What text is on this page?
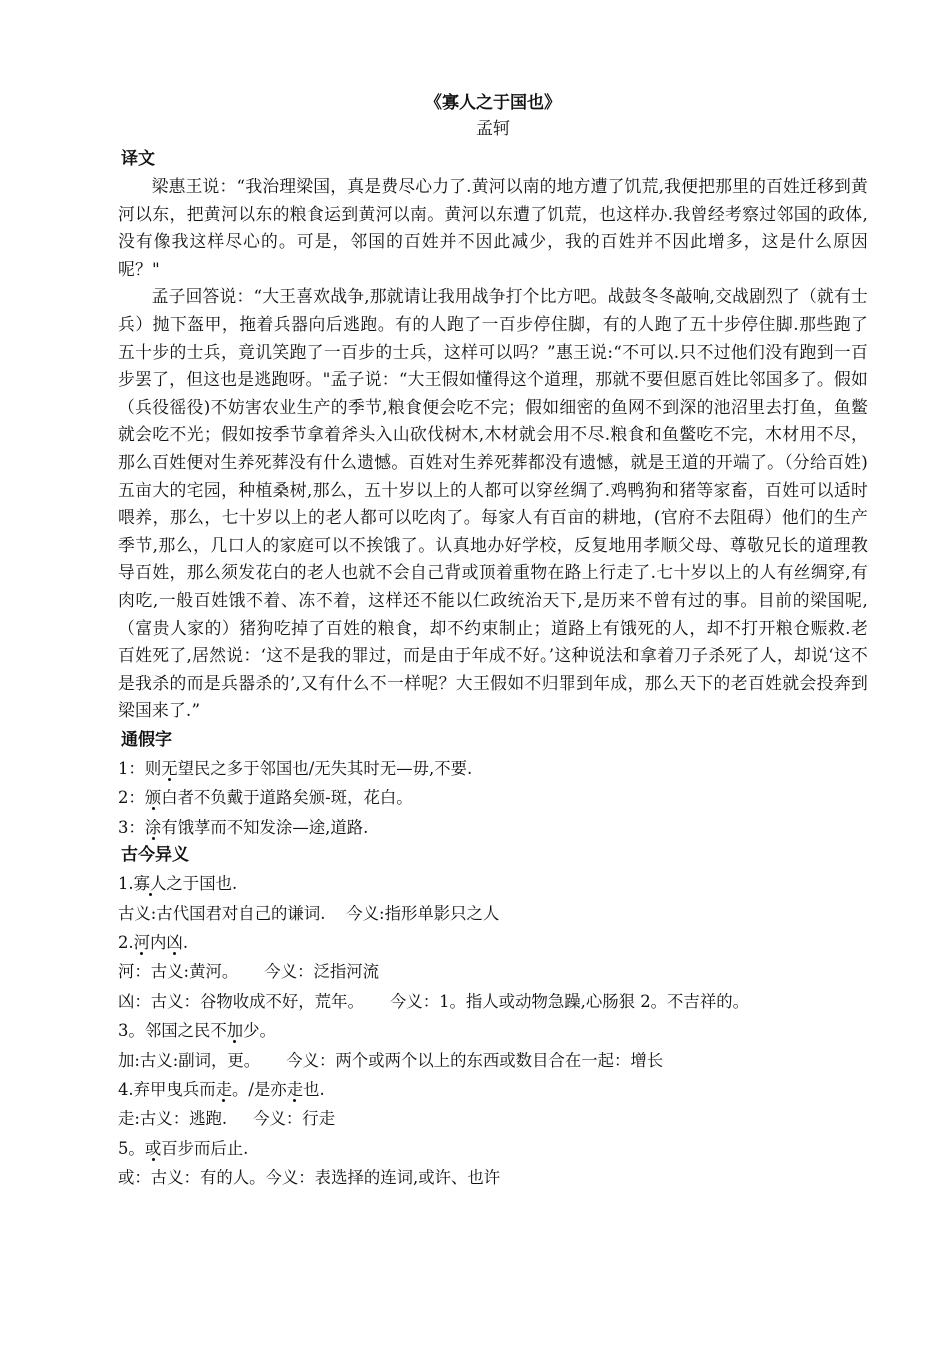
《寡人之于国也》
孟轲
译文

梁惠王说：“我治理梁国，真是费尽心力了.黄河以南的地方遭了饥荒,我便把那里的百姓迁移到黄河以东，把黄河以东的粮食运到黄河以南。黄河以东遭了饥荒，也这样办.我曾经考察过邻国的政体,没有像我这样尽心的。可是，邻国的百姓并不因此减少，我的百姓并不因此增多，这是什么原因呢？"

孟子回答说：“大王喜欢战争,那就请让我用战争打个比方吧。战鼓冬冬敲响,交战剧烈了（就有士兵）抛下盔甲，拖着兵器向后逃跑。有的人跑了一百步停住脚，有的人跑了五十步停住脚.那些跑了五十步的士兵，竟讥笑跑了一百步的士兵，这样可以吗？”惠王说:“不可以.只不过他们没有跑到一百步罢了，但这也是逃跑呀。"孟子说：“大王假如懂得这个道理，那就不要但愿百姓比邻国多了。假如（兵役徭役)不妨害农业生产的季节,粮食便会吃不完；假如细密的鱼网不到深的池沼里去打鱼，鱼鳖就会吃不光；假如按季节拿着斧头入山砍伐树木,木材就会用不尽.粮食和鱼鳖吃不完，木材用不尽，那么百姓便对生养死葬没有什么遗憾。百姓对生养死葬都没有遗憾，就是王道的开端了。（分给百姓)五亩大的宅园，种植桑树,那么，五十岁以上的人都可以穿丝绸了.鸡鸭狗和猪等家畜，百姓可以适时喂养，那么，七十岁以上的老人都可以吃肉了。每家人有百亩的耕地，(官府不去阻碍）他们的生产季节,那么，几口人的家庭可以不挨饿了。认真地办好学校，反复地用孝顺父母、尊敬兄长的道理教导百姓，那么须发花白的老人也就不会自己背或顶着重物在路上行走了.七十岁以上的人有丝绸穿,有肉吃,一般百姓饿不着、冻不着，这样还不能以仁政统治天下,是历来不曾有过的事。目前的梁国呢,（富贵人家的）猪狗吃掉了百姓的粮食，却不约束制止；道路上有饿死的人，却不打开粮仓赈救.老百姓死了,居然说：‘这不是我的罪过，而是由于年成不好。’这种说法和拿着刀子杀死了人，却说‘这不是我杀的而是兵器杀的’,又有什么不一样呢？大王假如不归罪到年成，那么天下的老百姓就会投奔到梁国来了.”

通假字

1：则无望民之多于邻国也/无失其时无—毋,不要.

2：颁白者不负戴于道路矣颁-斑，花白。

3：涂有饿莩而不知发涂—途,道路.

古今异义

1.寡人之于国也.

古义:古代国君对自己的谦词.    今义:指形单影只之人

2.河内凶.

河：古义:黄河。     今义：泛指河流

凶：古义：谷物收成不好，荒年。     今义：1。指人或动物急躁,心肠狠 2。不吉祥的。

3。邻国之民不加少。

加:古义:副词，更。     今义：两个或两个以上的东西或数目合在一起：增长

4.弃甲曳兵而走。/是亦走也.

走:古义：逃跑.     今义：行走

5。或百步而后止.

或：古义：有的人。今义：表选择的连词,或许、也许
